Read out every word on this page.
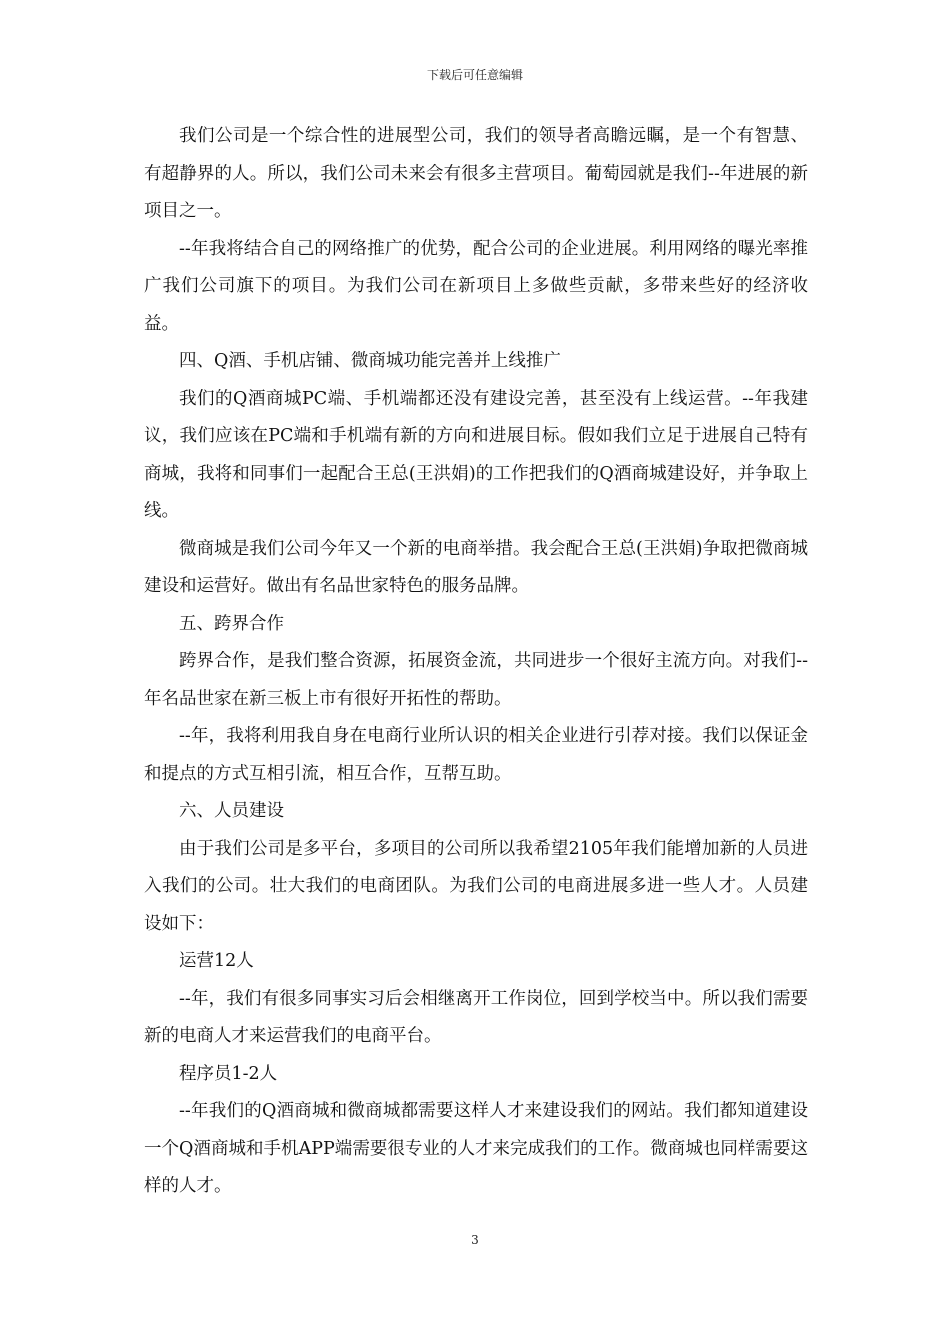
下载后可任意编辑

我们公司是一个综合性的进展型公司，我们的领导者高瞻远瞩，是一个有智慧、有超静界的人。所以，我们公司未来会有很多主营项目。葡萄园就是我们--年进展的新项目之一。

--年我将结合自己的网络推广的优势，配合公司的企业进展。利用网络的曝光率推广我们公司旗下的项目。为我们公司在新项目上多做些贡献，多带来些好的经济收益。

四、Q酒、手机店铺、微商城功能完善并上线推广

我们的Q酒商城PC端、手机端都还没有建设完善，甚至没有上线运营。--年我建议，我们应该在PC端和手机端有新的方向和进展目标。假如我们立足于进展自己特有商城，我将和同事们一起配合王总(王洪娟)的工作把我们的Q酒商城建设好，并争取上线。

微商城是我们公司今年又一个新的电商举措。我会配合王总(王洪娟)争取把微商城建设和运营好。做出有名品世家特色的服务品牌。

五、跨界合作

跨界合作，是我们整合资源，拓展资金流，共同进步一个很好主流方向。对我们--年名品世家在新三板上市有很好开拓性的帮助。

--年，我将利用我自身在电商行业所认识的相关企业进行引荐对接。我们以保证金和提点的方式互相引流，相互合作，互帮互助。

六、人员建设

由于我们公司是多平台，多项目的公司所以我希望2105年我们能增加新的人员进入我们的公司。壮大我们的电商团队。为我们公司的电商进展多进一些人才。人员建设如下：

运营12人

--年，我们有很多同事实习后会相继离开工作岗位，回到学校当中。所以我们需要新的电商人才来运营我们的电商平台。

程序员1-2人

--年我们的Q酒商城和微商城都需要这样人才来建设我们的网站。我们都知道建设一个Q酒商城和手机APP端需要很专业的人才来完成我们的工作。微商城也同样需要这样的人才。

3
